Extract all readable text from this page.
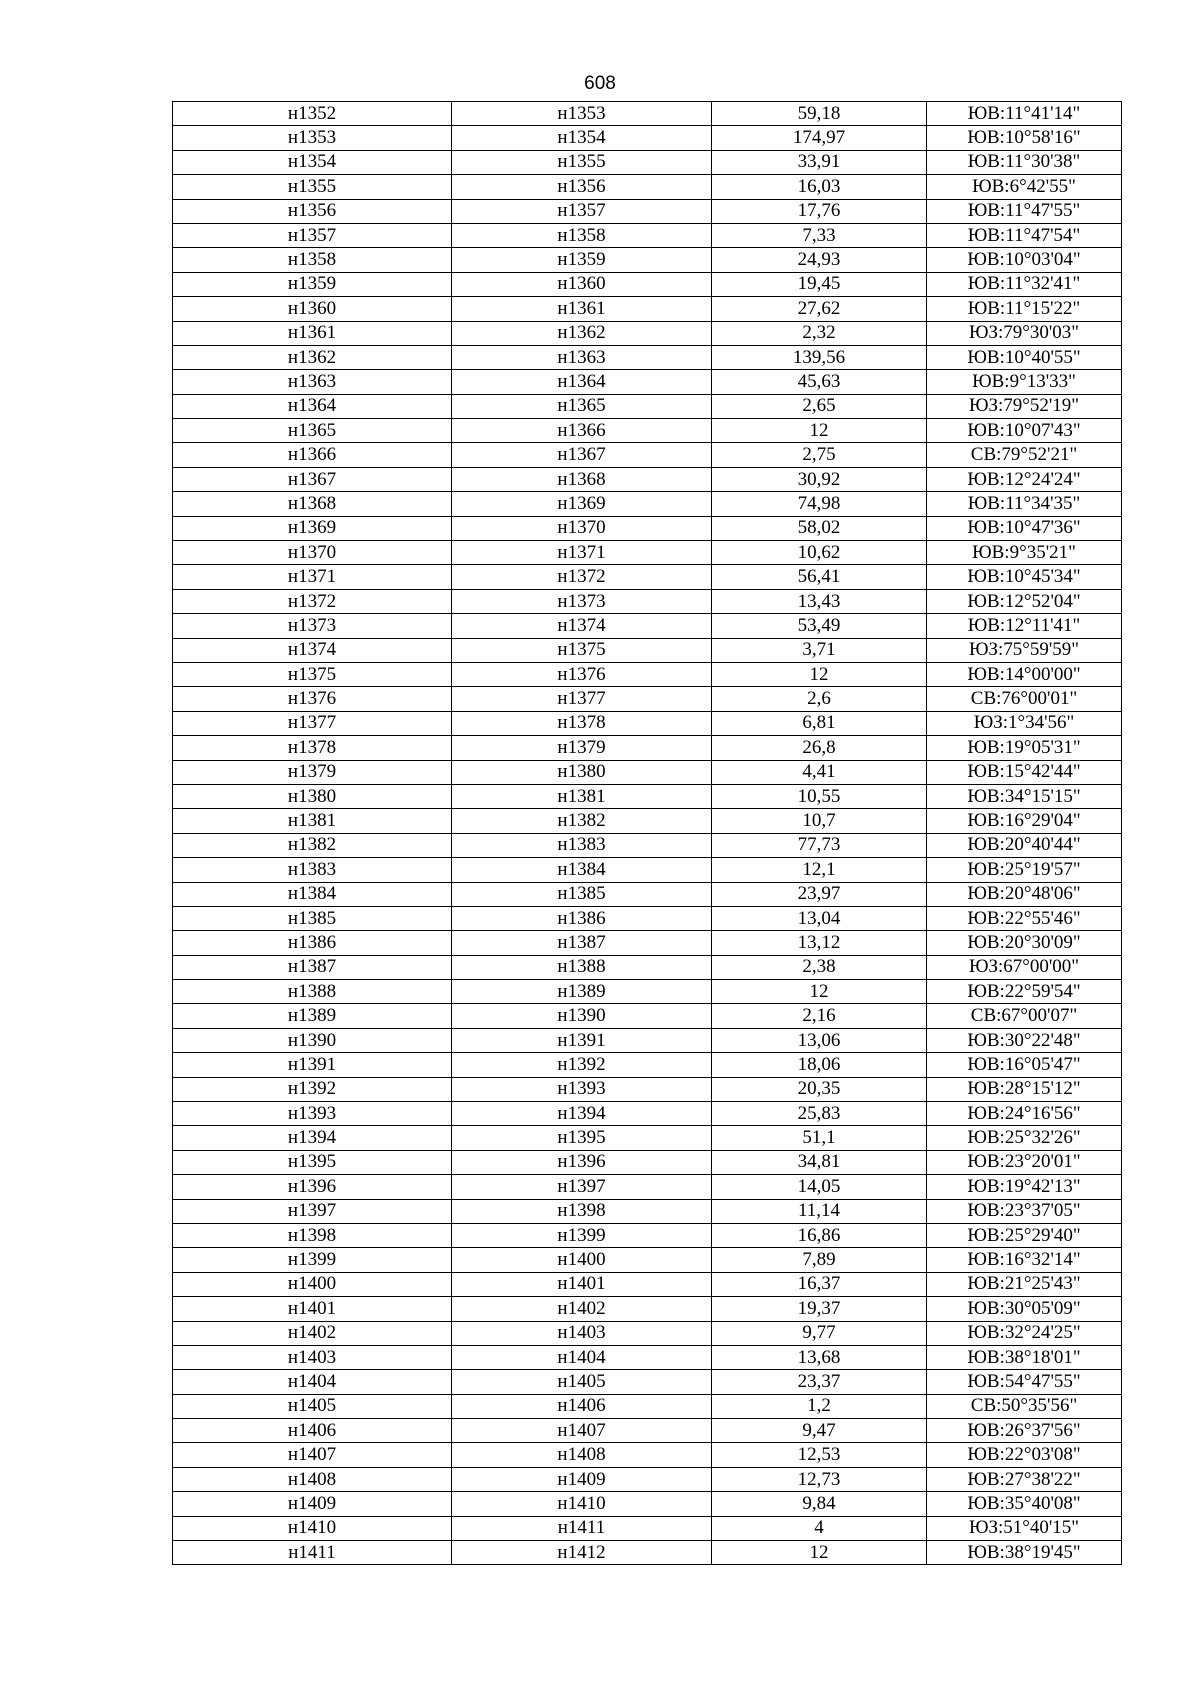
608
н1352	н1353	59,18	ЮВ:11°41'14"
н1353	н1354	174,97	ЮВ:10°58'16"
н1354	н1355	33,91	ЮВ:11°30'38"
н1355	н1356	16,03	ЮВ:6°42'55"
н1356	н1357	17,76	ЮВ:11°47'55"
н1357	н1358	7,33	ЮВ:11°47'54"
н1358	н1359	24,93	ЮВ:10°03'04"
н1359	н1360	19,45	ЮВ:11°32'41"
н1360	н1361	27,62	ЮВ:11°15'22"
н1361	н1362	2,32	ЮЗ:79°30'03"
н1362	н1363	139,56	ЮВ:10°40'55"
н1363	н1364	45,63	ЮВ:9°13'33"
н1364	н1365	2,65	ЮЗ:79°52'19"
н1365	н1366	12	ЮВ:10°07'43"
н1366	н1367	2,75	СВ:79°52'21"
н1367	н1368	30,92	ЮВ:12°24'24"
н1368	н1369	74,98	ЮВ:11°34'35"
н1369	н1370	58,02	ЮВ:10°47'36"
н1370	н1371	10,62	ЮВ:9°35'21"
н1371	н1372	56,41	ЮВ:10°45'34"
н1372	н1373	13,43	ЮВ:12°52'04"
н1373	н1374	53,49	ЮВ:12°11'41"
н1374	н1375	3,71	ЮЗ:75°59'59"
н1375	н1376	12	ЮВ:14°00'00"
н1376	н1377	2,6	СВ:76°00'01"
н1377	н1378	6,81	ЮЗ:1°34'56"
н1378	н1379	26,8	ЮВ:19°05'31"
н1379	н1380	4,41	ЮВ:15°42'44"
н1380	н1381	10,55	ЮВ:34°15'15"
н1381	н1382	10,7	ЮВ:16°29'04"
н1382	н1383	77,73	ЮВ:20°40'44"
н1383	н1384	12,1	ЮВ:25°19'57"
н1384	н1385	23,97	ЮВ:20°48'06"
н1385	н1386	13,04	ЮВ:22°55'46"
н1386	н1387	13,12	ЮВ:20°30'09"
н1387	н1388	2,38	ЮЗ:67°00'00"
н1388	н1389	12	ЮВ:22°59'54"
н1389	н1390	2,16	СВ:67°00'07"
н1390	н1391	13,06	ЮВ:30°22'48"
н1391	н1392	18,06	ЮВ:16°05'47"
н1392	н1393	20,35	ЮВ:28°15'12"
н1393	н1394	25,83	ЮВ:24°16'56"
н1394	н1395	51,1	ЮВ:25°32'26"
н1395	н1396	34,81	ЮВ:23°20'01"
н1396	н1397	14,05	ЮВ:19°42'13"
н1397	н1398	11,14	ЮВ:23°37'05"
н1398	н1399	16,86	ЮВ:25°29'40"
н1399	н1400	7,89	ЮВ:16°32'14"
н1400	н1401	16,37	ЮВ:21°25'43"
н1401	н1402	19,37	ЮВ:30°05'09"
н1402	н1403	9,77	ЮВ:32°24'25"
н1403	н1404	13,68	ЮВ:38°18'01"
н1404	н1405	23,37	ЮВ:54°47'55"
н1405	н1406	1,2	СВ:50°35'56"
н1406	н1407	9,47	ЮВ:26°37'56"
н1407	н1408	12,53	ЮВ:22°03'08"
н1408	н1409	12,73	ЮВ:27°38'22"
н1409	н1410	9,84	ЮВ:35°40'08"
н1410	н1411	4	ЮЗ:51°40'15"
н1411	н1412	12	ЮВ:38°19'45"
